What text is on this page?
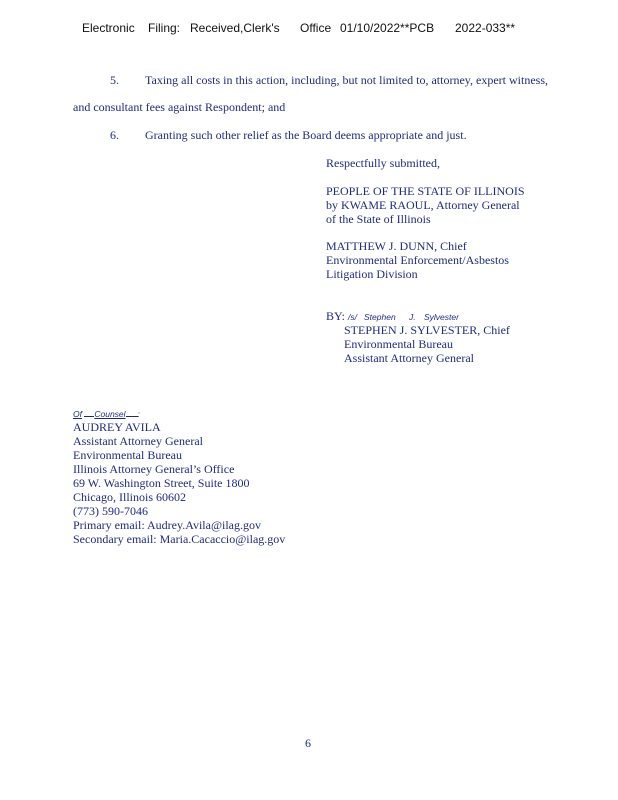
Electronic Filing: Received,Clerk's Office 01/10/2022**PCB 2022-033**
5. Taxing all costs in this action, including, but not limited to, attorney, expert witness,
and consultant fees against Respondent; and
6. Granting such other relief as the Board deems appropriate and just.
Respectfully submitted,
PEOPLE OF THE STATE OF ILLINOIS
by KWAME RAOUL, Attorney General
of the State of Illinois
MATTHEW J. DUNN, Chief
Environmental Enforcement/Asbestos
Litigation Division
BY: /s/ Stephen J. Sylvester
STEPHEN J. SYLVESTER, Chief
Environmental Bureau
Assistant Attorney General
Of Counsel :
AUDREY AVILA
Assistant Attorney General
Environmental Bureau
Illinois Attorney General’s Office
69 W. Washington Street, Suite 1800
Chicago, Illinois 60602
(773) 590-7046
Primary email: Audrey.Avila@ilag.gov
Secondary email: Maria.Cacaccio@ilag.gov
6
